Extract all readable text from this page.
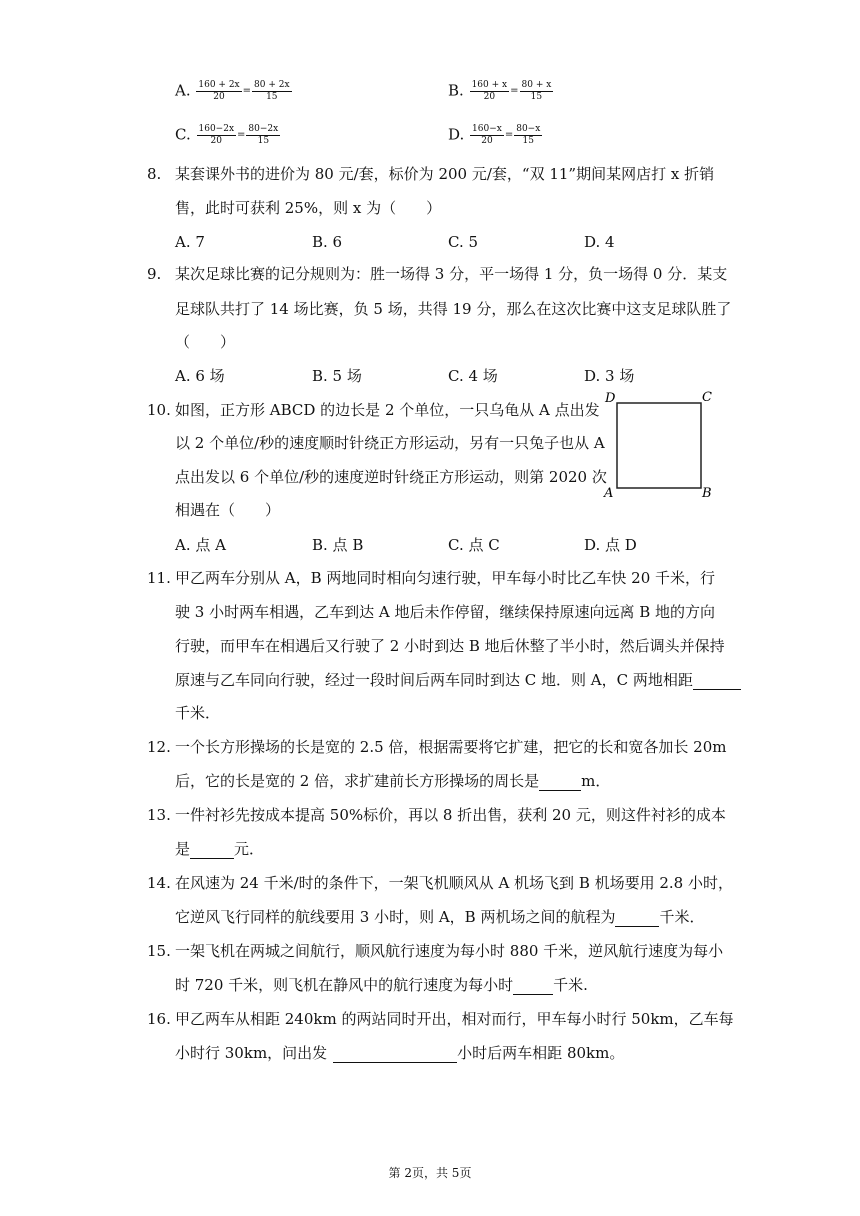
A. $\frac{160 + 2x}{20} = \frac{80 + 2x}{15}$	B. $\frac{160 + x}{20} = \frac{80 + x}{15}$
C. $\frac{160-2x}{20} = \frac{80-2x}{15}$	D. $\frac{160-x}{20} = \frac{80-x}{15}$
8. 某套课外书的进价为 80 元/套，标价为 200 元/套，“双 11”期间某网店打 x 折销
售，此时可获利 25%，则 x 为（　　）
A. 7	B. 6	C. 5	D. 4
9. 某次足球比赛的记分规则为：胜一场得 3 分，平一场得 1 分，负一场得 0 分．某支
足球队共打了 14 场比赛，负 5 场，共得 19 分，那么在这次比赛中这支足球队胜了
（　　）
A. 6 场	B. 5 场	C. 4 场	D. 3 场
10. 如图，正方形 ABCD 的边长是 2 个单位，一只乌龟从 A 点出发
以 2 个单位/秒的速度顺时针绕正方形运动，另有一只兔子也从 A
点出发以 6 个单位/秒的速度逆时针绕正方形运动，则第 2020 次
相遇在（　　）
A. 点 A	B. 点 B	C. 点 C	D. 点 D
D	C
A	B
11. 甲乙两车分别从 A，B 两地同时相向匀速行驶，甲车每小时比乙车快 20 千米，行
驶 3 小时两车相遇，乙车到达 A 地后未作停留，继续保持原速向远离 B 地的方向
行驶，而甲车在相遇后又行驶了 2 小时到达 B 地后休整了半小时，然后调头并保持
原速与乙车同向行驶，经过一段时间后两车同时到达 C 地．则 A，C 两地相距
千米．
12. 一个长方形操场的长是宽的 2.5 倍，根据需要将它扩建，把它的长和宽各加长 20m
后，它的长是宽的 2 倍，求扩建前长方形操场的周长是	m．
13. 一件衬衫先按成本提高 50%标价，再以 8 折出售，获利 20 元，则这件衬衫的成本
是	元．
14. 在风速为 24 千米/时的条件下，一架飞机顺风从 A 机场飞到 B 机场要用 2.8 小时，
它逆风飞行同样的航线要用 3 小时，则 A，B 两机场之间的航程为	千米．
15. 一架飞机在两城之间航行，顺风航行速度为每小时 880 千米，逆风航行速度为每小
时 720 千米，则飞机在静风中的航行速度为每小时	千米.
16. 甲乙两车从相距 240km 的两站同时开出，相对而行，甲车每小时行 50km，乙车每
小时行 30km，问出发	小时后两车相距 80km。
第 2页，共 5页
